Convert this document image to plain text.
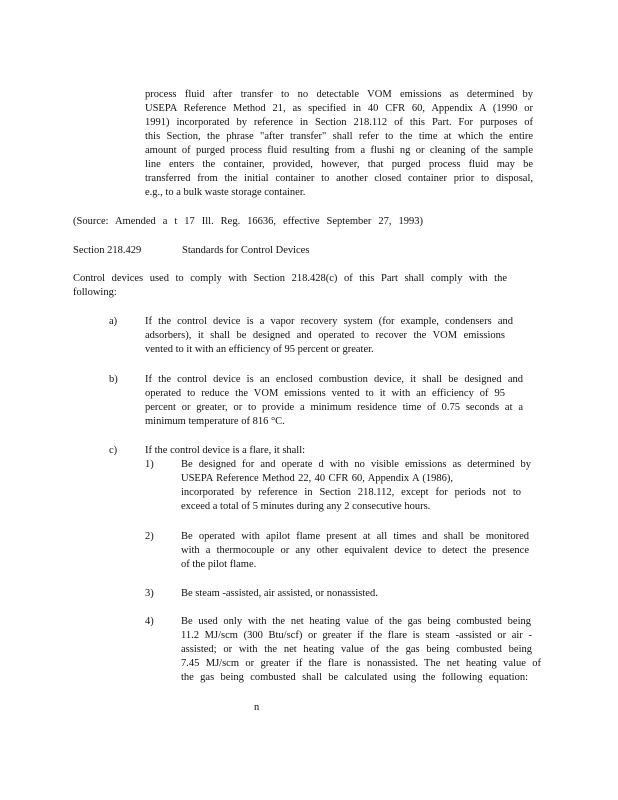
process fluid after transfer to no detectable VOM emissions as determined by
USEPA Reference Method 21, as specified in 40 CFR 60, Appendix A (1990 or
1991) incorporated by reference in Section 218.112 of this Part. For purposes of
this Section, the phrase "after transfer" shall refer to the time at which the entire
amount of purged process fluid resulting from a flushi ng or cleaning of the sample
line enters the container, provided, however, that purged process fluid may be
transferred from the initial container to another closed container prior to disposal,
e.g., to a bulk waste storage container.
(Source: Amended a t 17 Ill. Reg. 16636, effective September 27, 1993)
Section 218.429	Standards for Control Devices
Control devices used to comply with Section 218.428(c) of this Part shall comply with the
following:
a)	If the control device is a vapor recovery system (for example, condensers and
adsorbers), it shall be designed and operated to recover the VOM emissions
vented to it with an efficiency of 95 percent or greater.
b)	If the control device is an enclosed combustion device, it shall be designed and
operated to reduce the VOM emissions vented to it with an efficiency of 95
percent or greater, or to provide a minimum residence time of 0.75 seconds at a
minimum temperature of 816 °C.
c)	If the control device is a flare, it shall:
1)	Be designed for and operate d with no visible emissions as determined by
USEPA Reference Method 22, 40 CFR 60, Appendix A (1986),
incorporated by reference in Section 218.112, except for periods not to
exceed a total of 5 minutes during any 2 consecutive hours.
2)	Be operated with apilot flame present at all times and shall be monitored
with a thermocouple or any other equivalent device to detect the presence
of the pilot flame.
3)	Be steam -assisted, air assisted, or nonassisted.
4)	Be used only with the net heating value of the gas being combusted being
11.2 MJ/scm (300 Btu/scf) or greater if the flare is steam -assisted or air -
assisted; or with the net heating value of the gas being combusted being
7.45 MJ/scm or greater if the flare is nonassisted. The net heating value of
the gas being combusted shall be calculated using the following equation:
n
